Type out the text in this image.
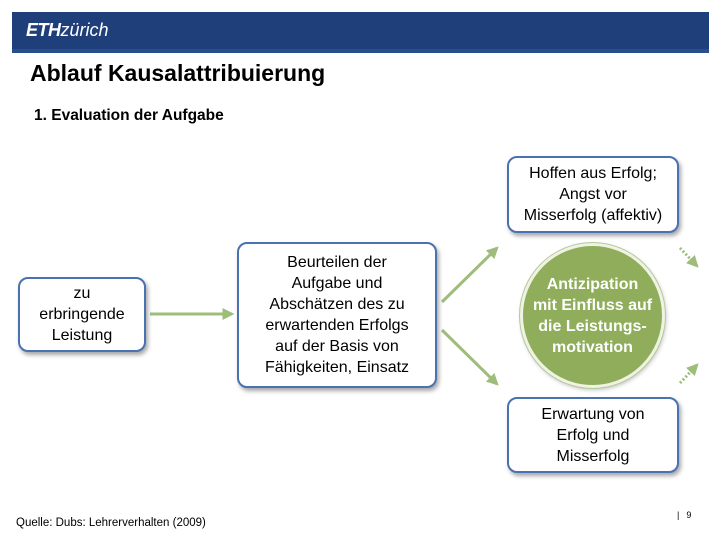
ETHzürich
Ablauf Kausalattribuierung
1. Evaluation der Aufgabe
zu
erbringende
Leistung
Beurteilen der
Aufgabe und
Abschätzen des zu
erwartenden Erfolgs
auf der Basis von
Fähigkeiten, Einsatz
Hoffen aus Erfolg;
Angst vor
Misserfolg (affektiv)
Erwartung von
Erfolg und
Misserfolg
Antizipation
mit Einfluss auf
die Leistungs-
motivation
Quelle: Dubs: Lehrerverhalten (2009)
| 9
